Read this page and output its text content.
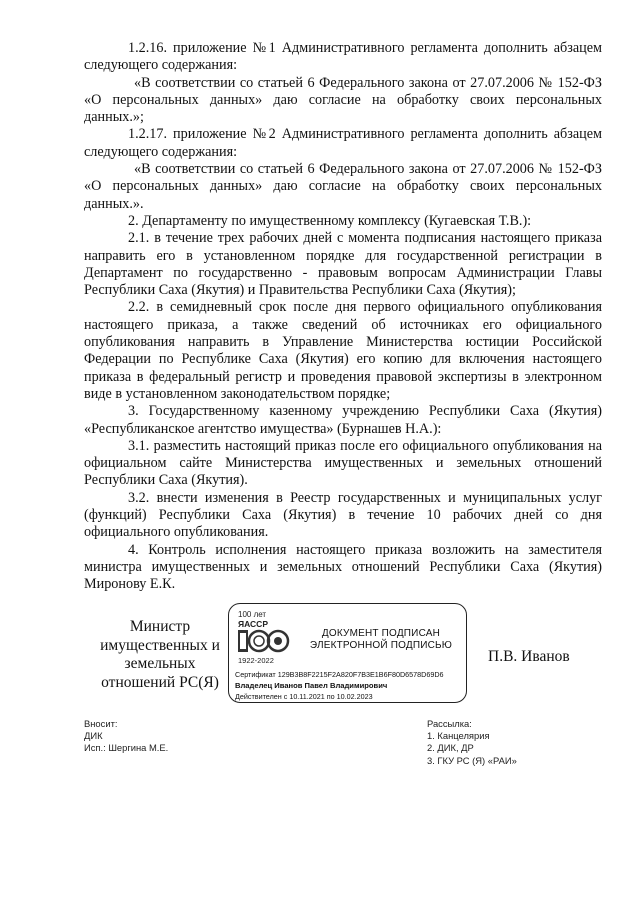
1.2.16. приложение №1 Административного регламента дополнить абзацем следующего содержания:

«В соответствии со статьей 6 Федерального закона от 27.07.2006 № 152-ФЗ «О персональных данных» даю согласие на обработку своих персональных данных.»;

1.2.17. приложение №2 Административного регламента дополнить абзацем следующего содержания:

«В соответствии со статьей 6 Федерального закона от 27.07.2006 № 152-ФЗ «О персональных данных» даю согласие на обработку своих персональных данных.».

2. Департаменту по имущественному комплексу (Кугаевская Т.В.):

2.1. в течение трех рабочих дней с момента подписания настоящего приказа направить его в установленном порядке для государственной регистрации в Департамент по государственно - правовым вопросам Администрации Главы Республики Саха (Якутия) и Правительства Республики Саха (Якутия);

2.2. в семидневный срок после дня первого официального опубликования настоящего приказа, а также сведений об источниках его официального опубликования направить в Управление Министерства юстиции Российской Федерации по Республике Саха (Якутия) его копию для включения настоящего приказа в федеральный регистр и проведения правовой экспертизы в электронном виде в установленном законодательством порядке;

3. Государственному казенному учреждению Республики Саха (Якутия) «Республиканское агентство имущества» (Бурнашев Н.А.):

3.1. разместить настоящий приказ после его официального опубликования на официальном сайте Министерства имущественных и земельных отношений Республики Саха (Якутия).

3.2. внести изменения в Реестр государственных и муниципальных услуг (функций) Республики Саха (Якутия) в течение 10 рабочих дней со дня официального опубликования.

4. Контроль исполнения настоящего приказа возложить на заместителя министра имущественных и земельных отношений Республики Саха (Якутия) Миронову Е.К.

Министр
имущественных и
земельных
отношений РС(Я)
100 лет
ЯАССР
1922-2022
ДОКУМЕНТ ПОДПИСАН
ЭЛЕКТРОННОЙ ПОДПИСЬЮ
Сертификат 129B3B8F2215F2A820F7B3E1B6F80D6578D69D6
Владелец Иванов Павел Владимирович
Действителен с 10.11.2021 по 10.02.2023
П.В. Иванов
Вносит:
ДИК
Исп.: Шергина М.Е.
Рассылка:
1. Канцелярия
2. ДИК, ДР
3. ГКУ РС (Я) «РАИ»
